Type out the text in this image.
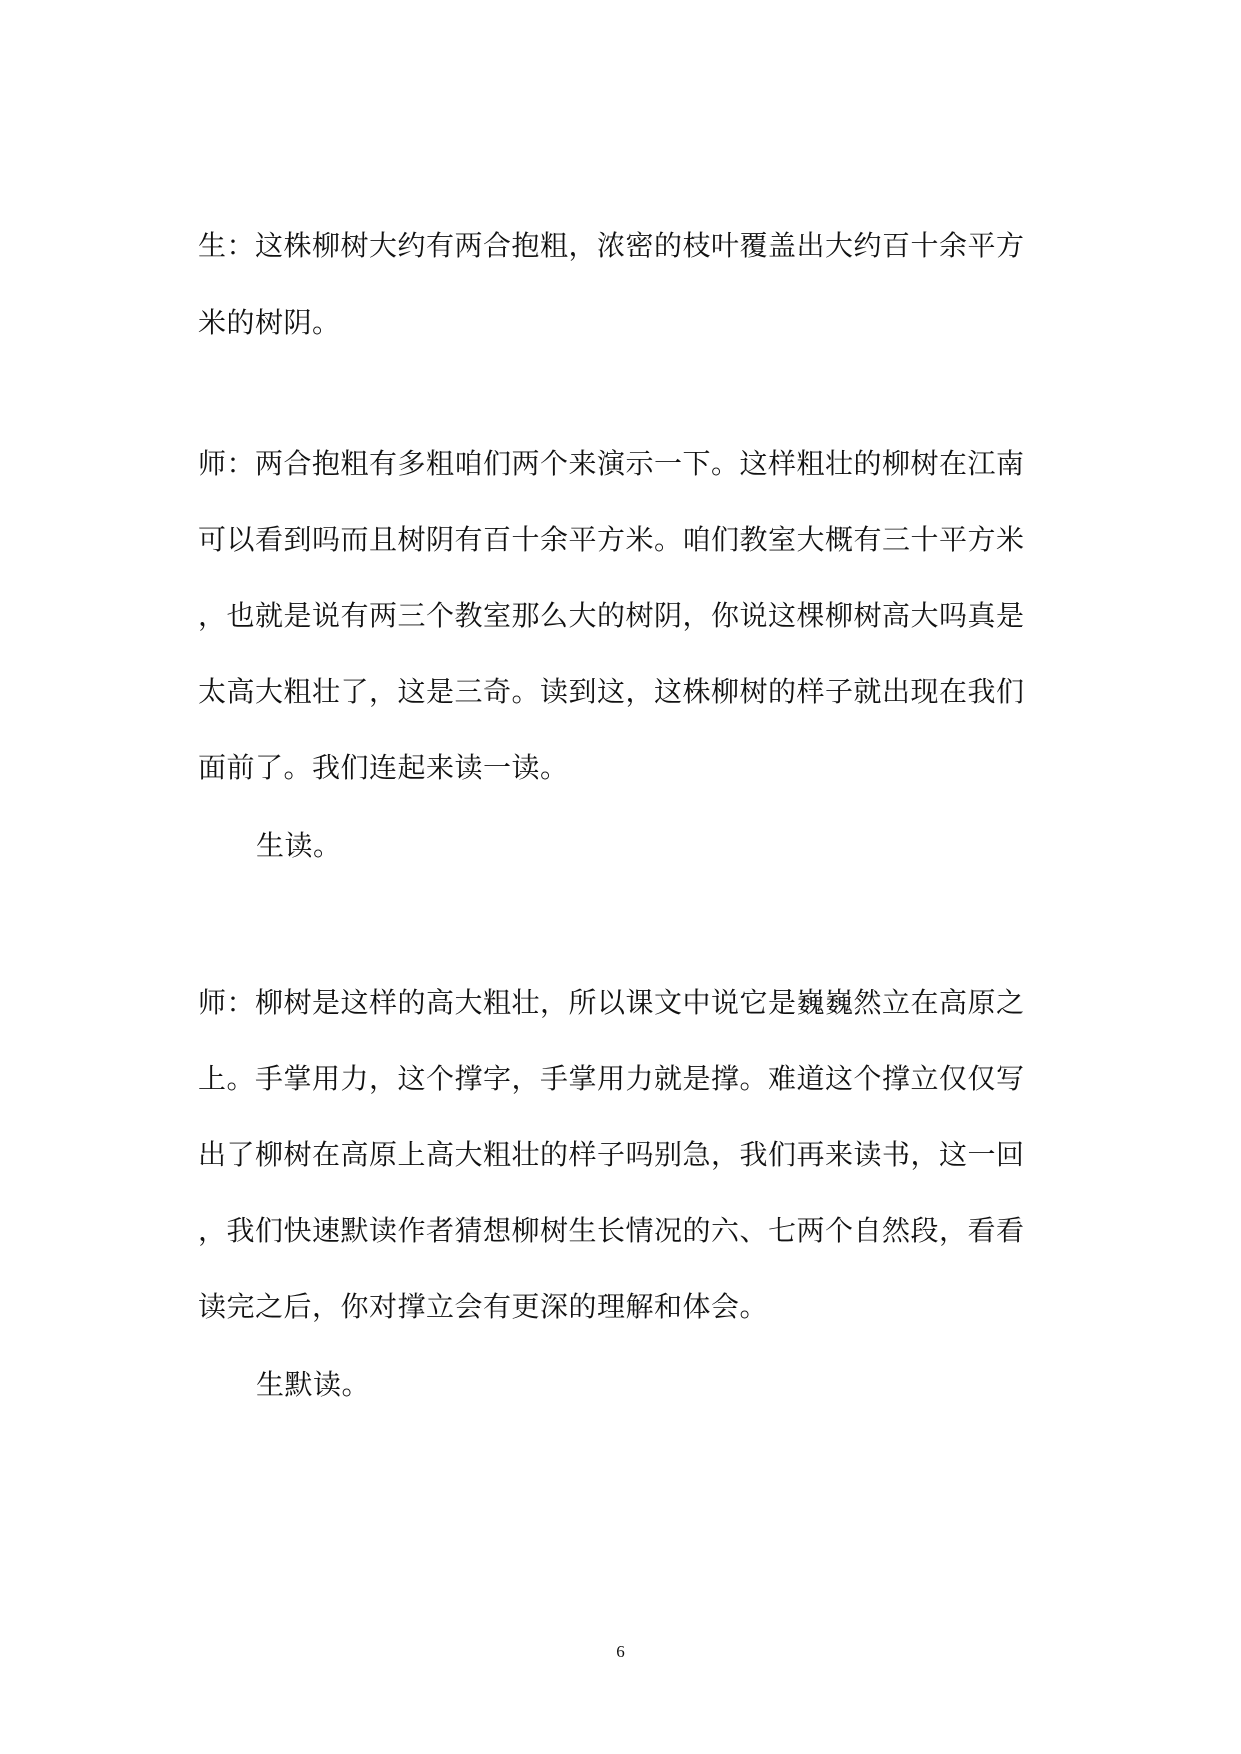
生：这株柳树大约有两合抱粗，浓密的枝叶覆盖出大约百十余平方
米的树阴。
师：两合抱粗有多粗咱们两个来演示一下。这样粗壮的柳树在江南
可以看到吗而且树阴有百十余平方米。咱们教室大概有三十平方米
，也就是说有两三个教室那么大的树阴，你说这棵柳树高大吗真是
太高大粗壮了，这是三奇。读到这，这株柳树的样子就出现在我们
面前了。我们连起来读一读。
生读。
师：柳树是这样的高大粗壮，所以课文中说它是巍巍然立在高原之
上。手掌用力，这个撑字，手掌用力就是撑。难道这个撑立仅仅写
出了柳树在高原上高大粗壮的样子吗别急，我们再来读书，这一回
，我们快速默读作者猜想柳树生长情况的六、七两个自然段，看看
读完之后，你对撑立会有更深的理解和体会。
生默读。
6
